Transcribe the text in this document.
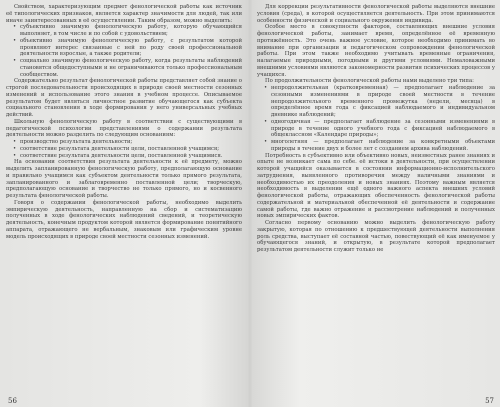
Свойством, характеризующим предмет фенологической работы как источник её типологических признаков, является характер значимости для людей, так или иначе заинтересованных в её осуществлении. Таким образом, можно выделить:

• субъективно значимую фенологическую работу, которую обучающийся выполняет, в том числе и по собой с удовольствием;
• объективно значимую фенологическую работу, с результатом которой проявляют интерес связанные с ней по роду своей профессиональной деятельности взрослые, а также родители;
• социально значимую фенологическую работу, когда результаты наблюдений становятся общедоступными и не ограничиваются только профессиональным сообществом.

Содержательно результат фенологической работы представляет собой знание о строгой последовательности происходящих в природе своей местности сезонных изменений и использование этого знания в учебном процессе. Описываемое результатом будет являться личностное развитие обучающегося как субъекта социального становления в ходе формирования у него универсальных учебных действий.

Школьную фенологическую работу в соответствии с существующими в педагогической психологии представлениями о содержании результата деятельности можно разделить по следующим основаниям:

• производство результата деятельности;
• соответствие результата деятельности цели, поставленной учащимся;
• соответствие результата деятельности цели, поставленной учащимися.

На основании соответствия результата деятельности к её предмету, можно выделить запланированную фенологическую работу, предполагающую основание и правильно учащимся как субъектом деятельности только прямого результата, запланированного и заблаговременно поставленной цели; творческую, предполагающую основание и творчество не только прямого, но и косвенного результата фенологической работы.

Говоря о содержании фенологической работы, необходимо выделить эмпирическую деятельность, направленную на сбор и систематизацию полученных в ходе фенологических наблюдений сведений, и теоретическую деятельность, конечным продуктом которой является формирование понятийного аппарата, отражающего не вербальным, знаковым или графическим уровне модель происходящих в природе своей местности сезонных изменений.

56

Для коррекции результативности фенологической работы выделяются внешние условия (среда), в которой осуществляется деятельность. При этом принимаются особенности физической и социального окружения индивида.

Особое место в совокупности факторов, составляющих внешние условия фенологической работы, занимает время, определённое её временную протяжённость. Это очень важное условие, которое необходимо принимать во внимание при организации и педагогическом сопровождении фенологической работы. При этом также необходимо учитывать временные ограничения, налагаемые природными, погодными и другими условиями. Немаловажными внешними условиями являются закономерности развития психических процессов у учащихся.

По продолжительности фенологической работы нами выделено три типа:

• непродолжительная (кратковременная) — предполагает наблюдение за сезонными изменениями в природе своей местности в течение непродолжительного временного промежутка (недели, месяца) в определённое время года с фиксацией наблюдаемого и индивидуальном дневнике наблюдений;
• одногодичная — предполагает наблюдение за сезонными изменениями в природе в течение одного учебного года с фиксацией наблюдаемого в общеклассном «Календаре природы»;
• многолетняя — предполагает наблюдение за конкретными объектами природы в течение двух и более лет с созданием архива наблюдений.

Потребность в субъективно или объективно новых, неизвестных ранее знаниях и опыте не возникает сама по себе. её истоки в деятельности, при осуществлении которой учащийся оказывается в состоянии информационно-исполнительского затруднения, выявленного противоречия между наличными знаниями и необходимостью их преодоления и новых знаниях. Поэтому важным является необходимость в выделении ещё одного важного аспекта внешних условий фенологической работы, отражающих обеспеченность фенологической работы содержательной и материальной обеспеченной её деятельности и содержание самой работы, где важно отражение и рассмотрение наблюдений и полученных новых эмпирических фактов.

Согласно первому основанию можно выделить фенологическую работу закрытую, которая по отношению к предшествующей деятельности выполнения роль средства, выступает её составной частью, повествующий её как именуемое у обучающегося знаний, и открытую, в результате которой предполагает результатом деятельности служит только не

57
